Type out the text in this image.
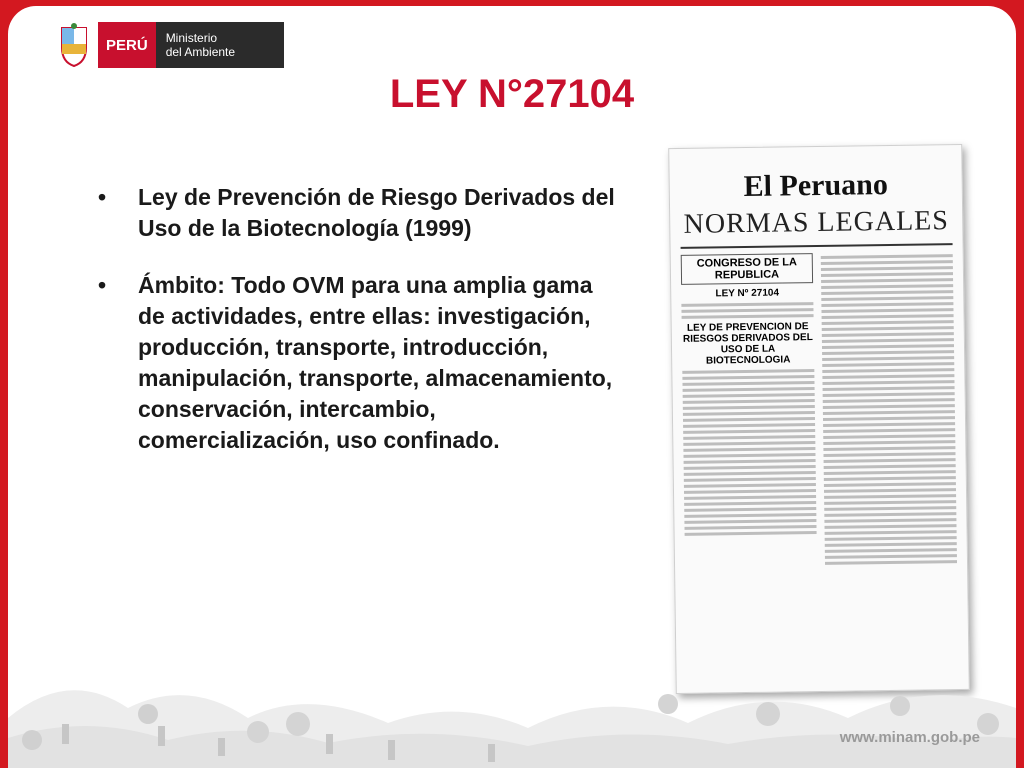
PERÚ	Ministerio
del Ambiente
LEY N°27104
•	Ley de Prevención de Riesgo Derivados del Uso de la Biotecnología (1999)
•	Ámbito: Todo OVM para una amplia gama de actividades, entre ellas: investigación, producción, transporte, introducción, manipulación, transporte, almacenamiento, conservación, intercambio, comercialización, uso confinado.
El Peruano
NORMAS LEGALES
CONGRESO DE LA REPUBLICA
LEY Nº 27104
LEY DE PREVENCION DE RIESGOS DERIVADOS DEL USO DE LA BIOTECNOLOGIA
www.minam.gob.pe
